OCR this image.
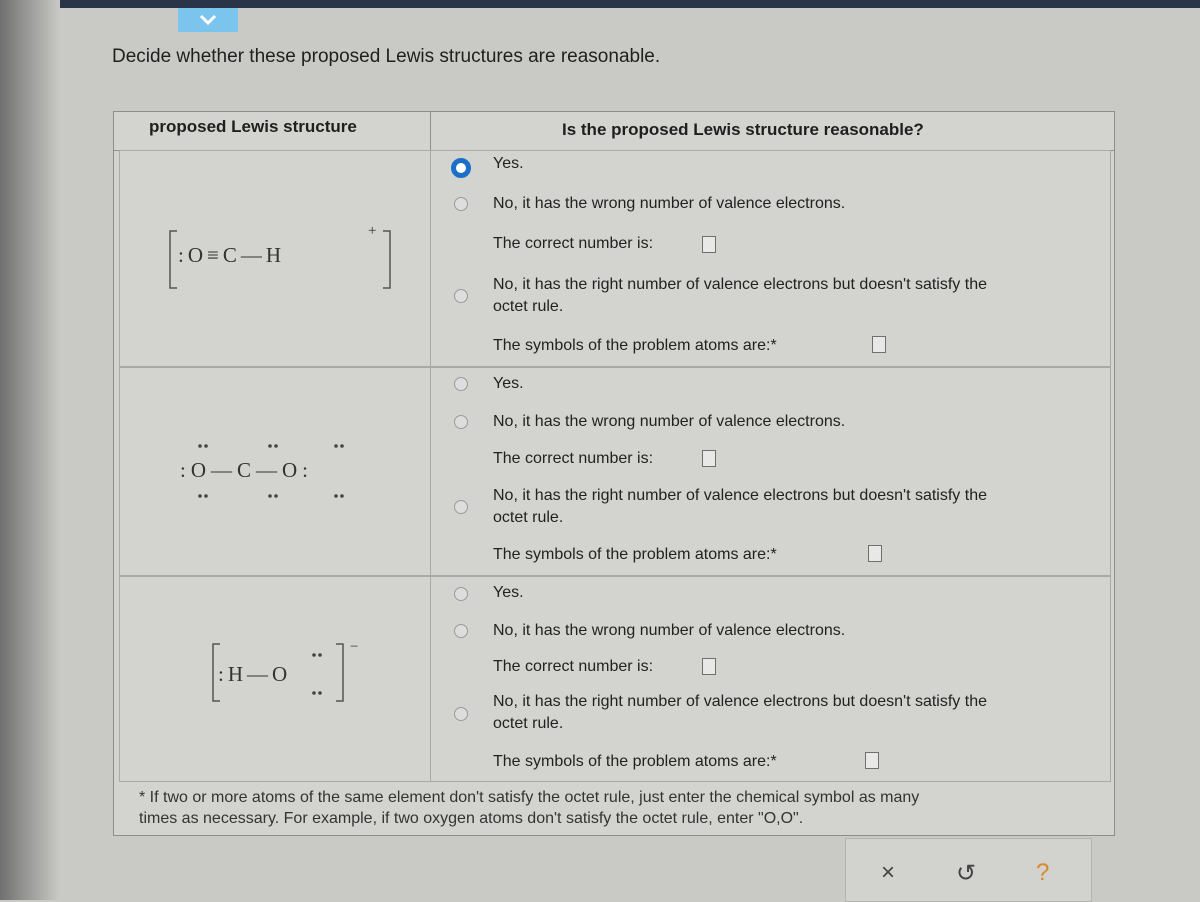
Decide whether these proposed Lewis structures are reasonable.
proposed Lewis structure	Is the proposed Lewis structure reasonable?
:O≡C—H
+
Yes.
No, it has the wrong number of valence electrons.
The correct number is:
No, it has the right number of valence electrons but doesn't satisfy the
octet rule.
The symbols of the problem atoms are:*
:O—C—O:
Yes.
No, it has the wrong number of valence electrons.
The correct number is:
No, it has the right number of valence electrons but doesn't satisfy the
octet rule.
The symbols of the problem atoms are:*
:H—O
−
Yes.
No, it has the wrong number of valence electrons.
The correct number is:
No, it has the right number of valence electrons but doesn't satisfy the
octet rule.
The symbols of the problem atoms are:*
* If two or more atoms of the same element don't satisfy the octet rule, just enter the chemical symbol as many
times as necessary. For example, if two oxygen atoms don't satisfy the octet rule, enter "O,O".
×	↺ ?
